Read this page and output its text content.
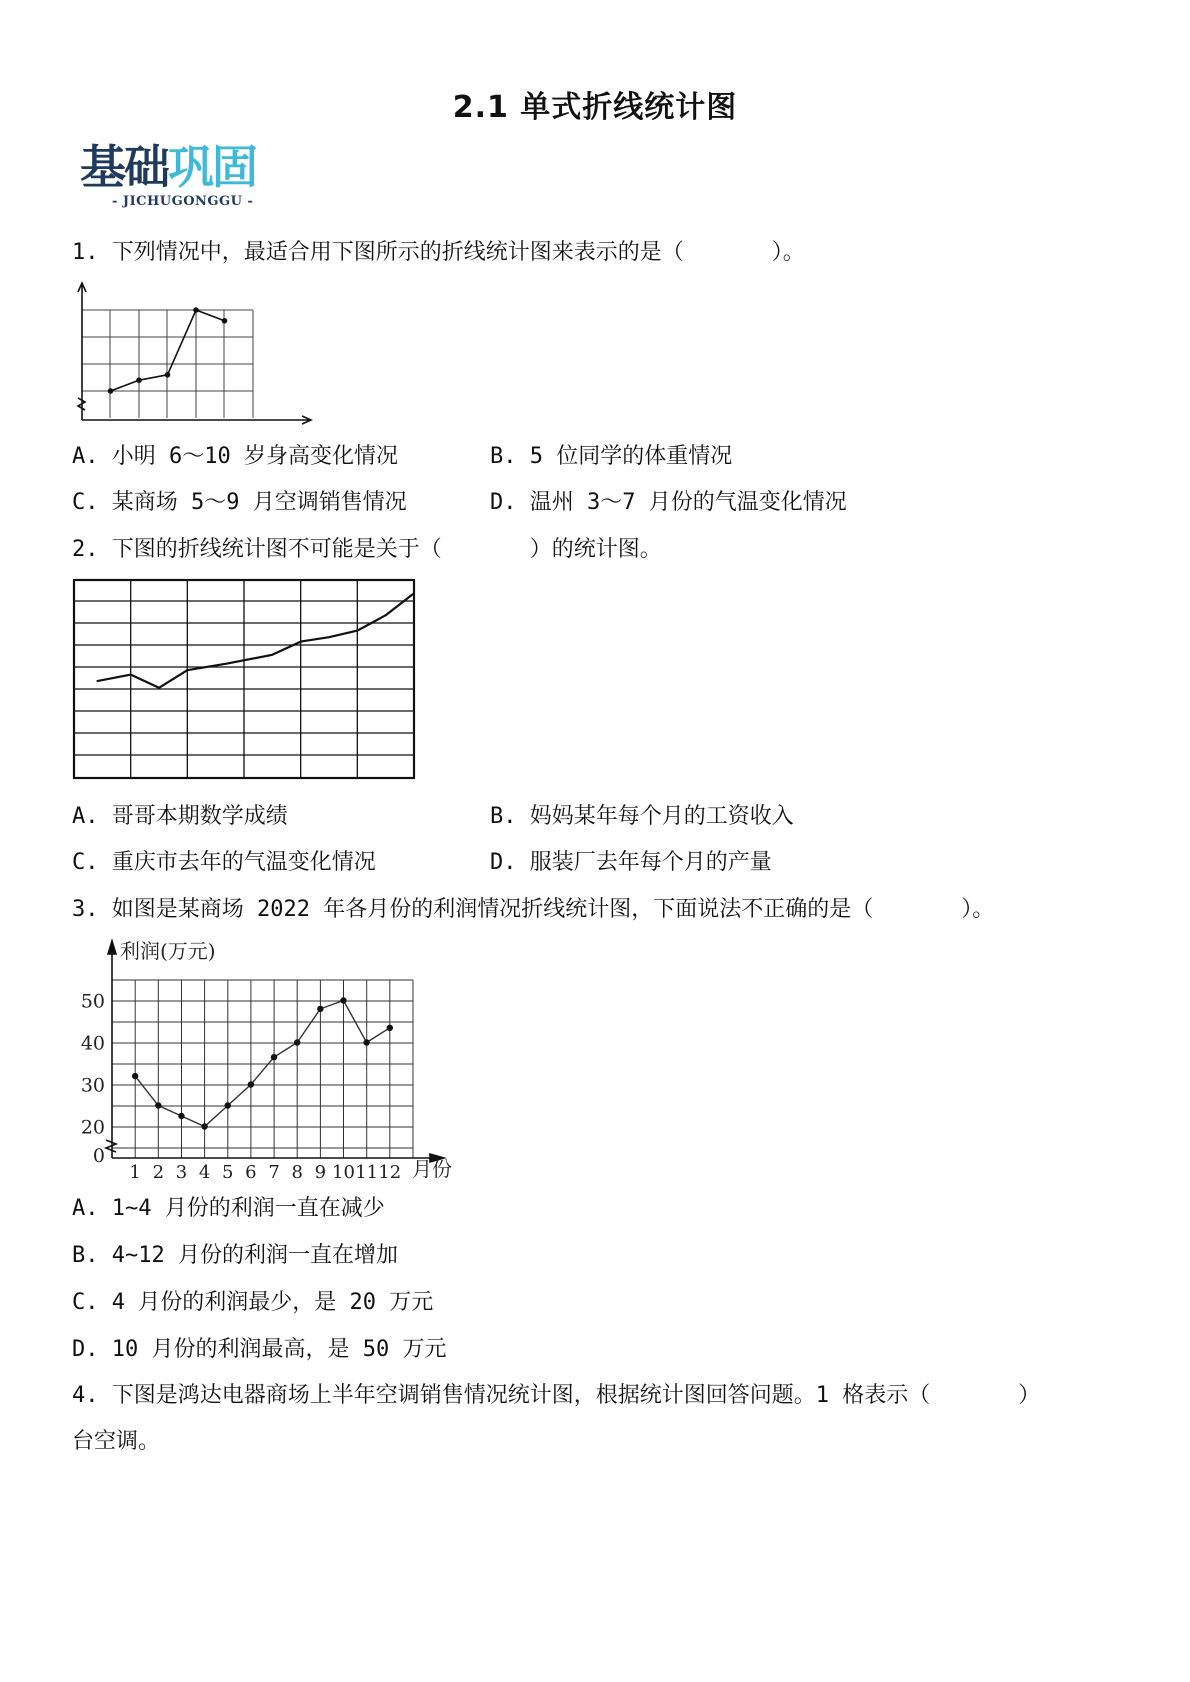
2.1 单式折线统计图
基础巩固
- JICHUGONGGU -
1. 下列情况中，最适合用下图所示的折线统计图来表示的是（　　　　）。
A. 小明 6～10 岁身高变化情况	B. 5 位同学的体重情况
C. 某商场 5～9 月空调销售情况	D. 温州 3～7 月份的气温变化情况
2. 下图的折线统计图不可能是关于（　　　　）的统计图。
A. 哥哥本期数学成绩	B. 妈妈某年每个月的工资收入
C. 重庆市去年的气温变化情况	D. 服装厂去年每个月的产量
3. 如图是某商场 2022 年各月份的利润情况折线统计图，下面说法不正确的是（　　　　）。
利润(万元)
月份
0
20
30
40
50
1 2 3 4 5 6 7 8 9 10 11 12
A. 1~4 月份的利润一直在减少
B. 4~12 月份的利润一直在增加
C. 4 月份的利润最少，是 20 万元
D. 10 月份的利润最高，是 50 万元
4. 下图是鸿达电器商场上半年空调销售情况统计图，根据统计图回答问题。1 格表示（　　　　）
台空调。
